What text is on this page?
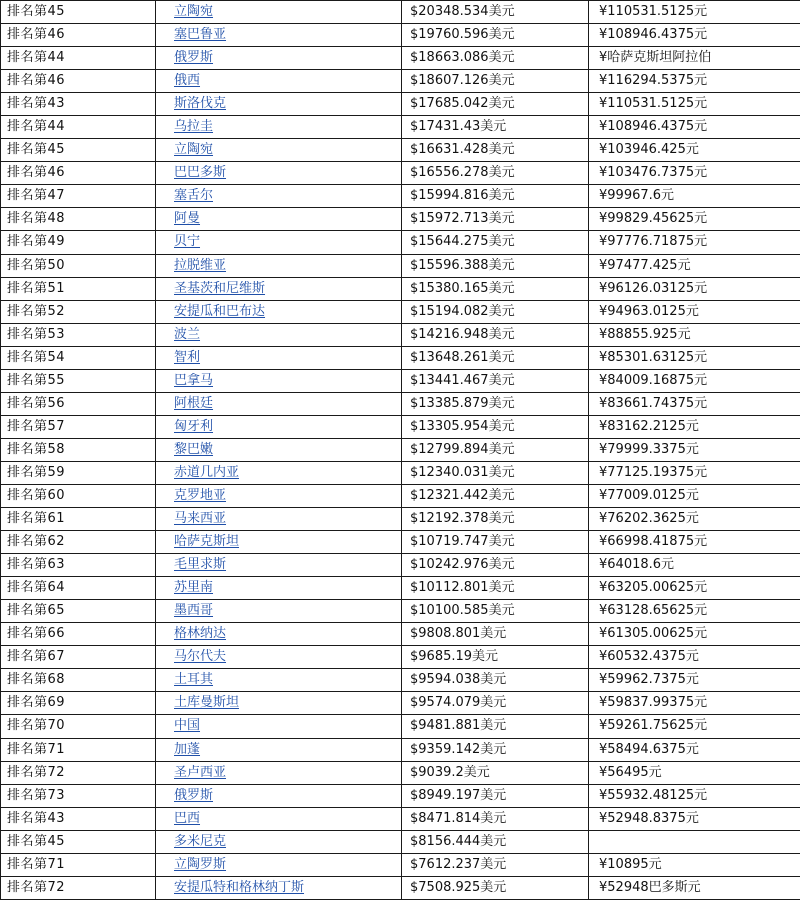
排名第45	立陶宛	$20348.534美元	¥110531.5125元
排名第46	塞巴鲁亚	$19760.596美元	¥108946.4375元
排名第44	俄罗斯	$18663.086美元	¥哈萨克斯坦阿拉伯
排名第46	俄西	$18607.126美元	¥116294.5375元
排名第43	斯洛伐克	$17685.042美元	¥110531.5125元
排名第44	乌拉圭	$17431.43美元	¥108946.4375元
排名第45	立陶宛	$16631.428美元	¥103946.425元
排名第46	巴巴多斯	$16556.278美元	¥103476.7375元
排名第47	塞舌尔	$15994.816美元	¥99967.6元
排名第48	阿曼	$15972.713美元	¥99829.45625元
排名第49	贝宁	$15644.275美元	¥97776.71875元
排名第50	拉脱维亚	$15596.388美元	¥97477.425元
排名第51	圣基茨和尼维斯	$15380.165美元	¥96126.03125元
排名第52	安提瓜和巴布达	$15194.082美元	¥94963.0125元
排名第53	波兰	$14216.948美元	¥88855.925元
排名第54	智利	$13648.261美元	¥85301.63125元
排名第55	巴拿马	$13441.467美元	¥84009.16875元
排名第56	阿根廷	$13385.879美元	¥83661.74375元
排名第57	匈牙利	$13305.954美元	¥83162.2125元
排名第58	黎巴嫩	$12799.894美元	¥79999.3375元
排名第59	赤道几内亚	$12340.031美元	¥77125.19375元
排名第60	克罗地亚	$12321.442美元	¥77009.0125元
排名第61	马来西亚	$12192.378美元	¥76202.3625元
排名第62	哈萨克斯坦	$10719.747美元	¥66998.41875元
排名第63	毛里求斯	$10242.976美元	¥64018.6元
排名第64	苏里南	$10112.801美元	¥63205.00625元
排名第65	墨西哥	$10100.585美元	¥63128.65625元
排名第66	格林纳达	$9808.801美元	¥61305.00625元
排名第67	马尔代夫	$9685.19美元	¥60532.4375元
排名第68	土耳其	$9594.038美元	¥59962.7375元
排名第69	土库曼斯坦	$9574.079美元	¥59837.99375元
排名第70	中国	$9481.881美元	¥59261.75625元
排名第71	加蓬	$9359.142美元	¥58494.6375元
排名第72	圣卢西亚	$9039.2美元	¥56495元
排名第73	俄罗斯	$8949.197美元	¥55932.48125元
排名第43	巴西	$8471.814美元	¥52948.8375元
排名第45	多米尼克	$8156.444美元	
排名第71	立陶罗斯	$7612.237美元	¥10895元
排名第72	安提瓜特和格林纳丁斯	$7508.925美元	¥52948巴多斯元
